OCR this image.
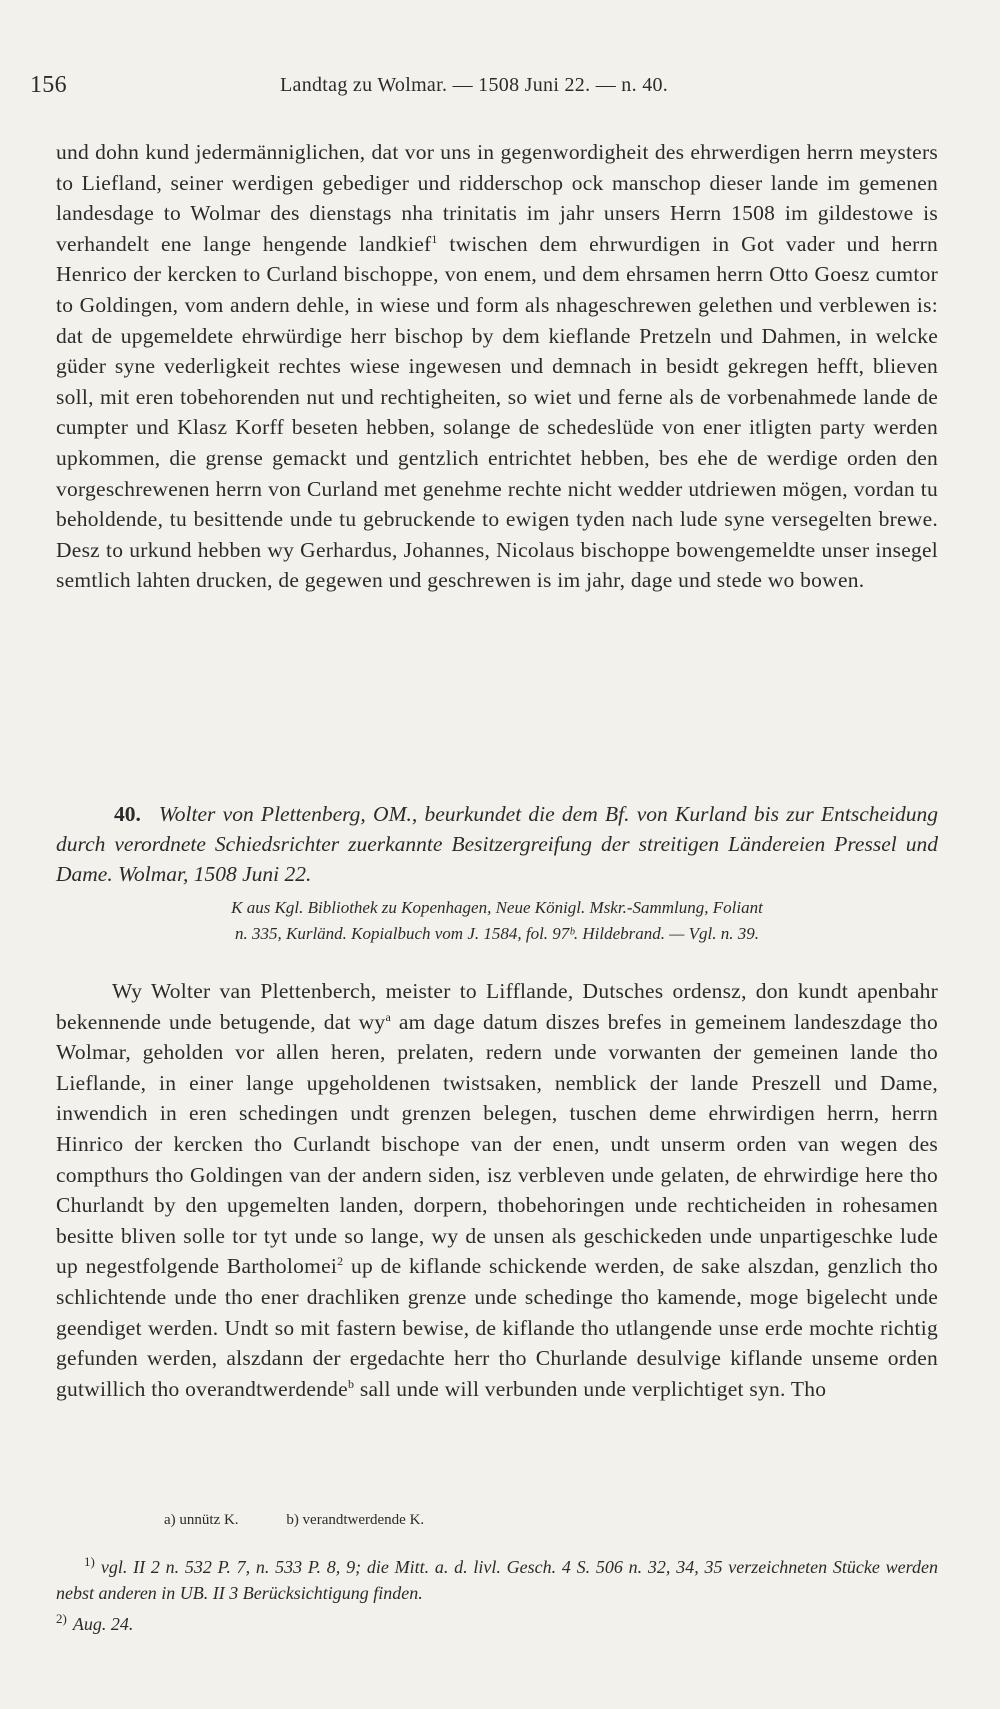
156	Landtag zu Wolmar. — 1508 Juni 22. — n. 40.
und dohn kund jedermänniglichen, dat vor uns in gegenwordigheit des ehrwerdigen herrn meysters to Liefland, seiner werdigen gebediger und ridderschop ock manschop dieser lande im gemenen landesdage to Wolmar des dienstags nha trinitatis im jahr unsers Herrn 1508 im gildestowe is verhandelt ene lange hengende landkief$^1$ twischen dem ehrwurdigen in Got vader und herrn Henrico der kercken to Curland bischoppe, von enem, und dem ehrsamen herrn Otto Goesz cumtor to Goldingen, vom andern dehle, in wiese und form als nhageschrewen gelethen und verblewen is: dat de upgemeldete ehrwürdige herr bischop by dem kieflande Pretzeln und Dahmen, in welcke güder syne vederligkeit rechtes wiese ingewesen und demnach in besidt gekregen hefft, blieven soll, mit eren tobehorenden nut und rechtigheiten, so wiet und ferne als de vorbenahmede lande de cumpter und Klasz Korff beseten hebben, solange de schedeslüde von ener itligten party werden upkommen, die grense gemackt und gentzlich entrichtet hebben, bes ehe de werdige orden den vorgeschrewenen herrn von Curland met genehme rechte nicht wedder utdriewen mögen, vordan tu beholdende, tu besittende unde tu gebruckende to ewigen tyden nach lude syne versegelten brewe. Desz to urkund hebben wy Gerhardus, Johannes, Nicolaus bischoppe bowengemeldte unser insegel semtlich lahten drucken, de gegewen und geschrewen is im jahr, dage und stede wo bowen.
40. Wolter von Plettenberg, OM., beurkundet die dem Bf. von Kurland bis zur Entscheidung durch verordnete Schiedsrichter zuerkannte Besitzergreifung der streitigen Ländereien Pressel und Dame. Wolmar, 1508 Juni 22.
K aus Kgl. Bibliothek zu Kopenhagen, Neue Königl. Mskr.-Sammlung, Foliant
n. 335, Kurländ. Kopialbuch vom J. 1584, fol. 97ᵇ. Hildebrand. — Vgl. n. 39.
Wy Wolter van Plettenberch, meister to Lifflande, Dutsches ordensz, don kundt apenbahr bekennende unde betugende, dat $wy^a$ am dage datum diszes brefes in gemeinem landeszdage tho Wolmar, geholden vor allen heren, prelaten, redern unde vorwanten der gemeinen lande tho Lieflande, in einer lange upgeholdenen twistsaken, nemblick der lande Preszell und Dame, inwendich in eren schedingen undt grenzen belegen, tuschen deme ehrwirdigen herrn, herrn Hinrico der kercken tho Curlandt bischope van der enen, undt unserm orden van wegen des compthurs tho Goldingen van der andern siden, isz verbleven unde gelaten, de ehrwirdige here tho Churlandt by den upgemelten landen, dorpern, thobehoringen unde rechticheiden in rohesamen besitte bliven solle tor tyt unde so lange, wy de unsen als geschickeden unde unpartigeschke lude up negestfolgende Bartholomei$^2$ up de kiflande schickende werden, de sake alszdan, genzlich tho schlichtende unde tho ener drachliken grenze unde schedinge tho kamende, moge bigelecht unde geendiget werden. Undt so mit fastern bewise, de kiflande tho utlangende unse erde mochte richtig gefunden werden, alszdann der ergedachte herr tho Churlande desulvige kiflande unseme orden gutwillich tho overandtwerdende$^b$ sall unde will verbunden unde verplichtiget syn. Tho
a) unnütz K.	b) verandtwerdende K.
$^{1)}$ vgl. II 2 n. 532 P. 7, n. 533 P. 8, 9; die Mitt. a. d. livl. Gesch. 4 S. 506 n. 32, 34, 35 verzeichneten Stücke werden nebst anderen in UB. II 3 Berücksichtigung finden.
$^{2)}$ Aug. 24.
